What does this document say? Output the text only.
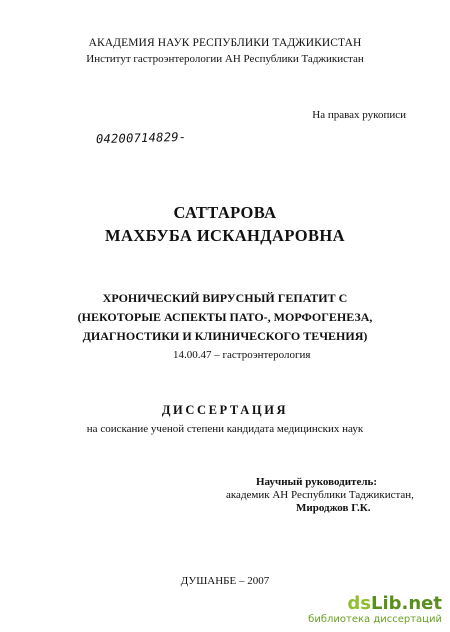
АКАДЕМИЯ НАУК РЕСПУБЛИКИ ТАДЖИКИСТАН
Институт гастроэнтерологии АН Республики Таджикистан
На правах рукописи
04200714829-
САТТАРОВА
МАХБУБА ИСКАНДАРОВНА
ХРОНИЧЕСКИЙ ВИРУСНЫЙ ГЕПАТИТ С
(НЕКОТОРЫЕ АСПЕКТЫ ПАТО-, МОРФОГЕНЕЗА,
ДИАГНОСТИКИ И КЛИНИЧЕСКОГО ТЕЧЕНИЯ)
14.00.47 – гастроэнтерология
ДИССЕРТАЦИЯ
на соискание ученой степени кандидата медицинских наук
Научный руководитель:
академик АН Республики Таджикистан,
Мироджов Г.К.
ДУШАНБЕ – 2007
dsLib.net
библиотека диссертаций
